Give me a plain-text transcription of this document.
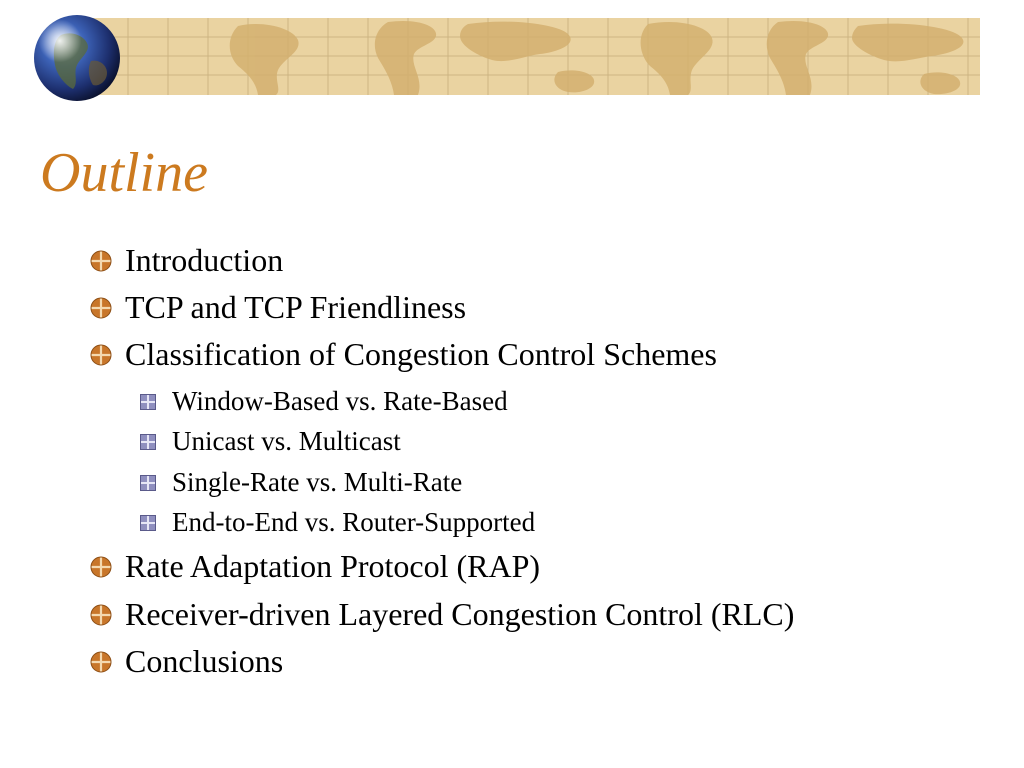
Outline
Introduction
TCP and TCP Friendliness
Classification of Congestion Control Schemes
Window-Based vs. Rate-Based
Unicast vs. Multicast
Single-Rate vs. Multi-Rate
End-to-End vs. Router-Supported
Rate Adaptation Protocol (RAP)
Receiver-driven Layered Congestion Control (RLC)
Conclusions
